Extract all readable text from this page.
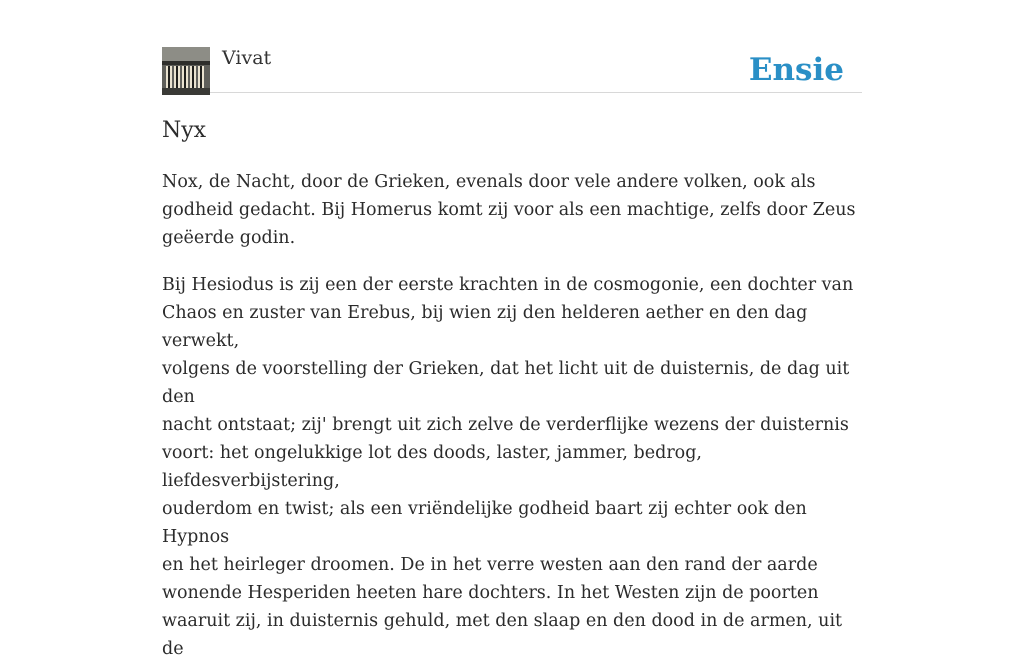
Vivat	Ensie
Nyx

Nox, de Nacht, door de Grieken, evenals door vele andere volken, ook als
godheid gedacht. Bij Homerus komt zij voor als een machtige, zelfs door Zeus
geëerde godin.

Bij Hesiodus is zij een der eerste krachten in de cosmogonie, een dochter van
Chaos en zuster van Erebus, bij wien zij den helderen aether en den dag verwekt,
volgens de voorstelling der Grieken, dat het licht uit de duisternis, de dag uit den
nacht ontstaat; zij' brengt uit zich zelve de verderflijke wezens der duisternis
voort: het ongelukkige lot des doods, laster, jammer, bedrog, liefdesverbijstering,
ouderdom en twist; als een vriëndelijke godheid baart zij echter ook den Hypnos
en het heirleger droomen. De in het verre westen aan den rand der aarde
wonende Hesperiden heeten hare dochters. In het Westen zijn de poorten
waaruit zij, in duisternis gehuld, met den slaap en den dood in de armen, uit de
